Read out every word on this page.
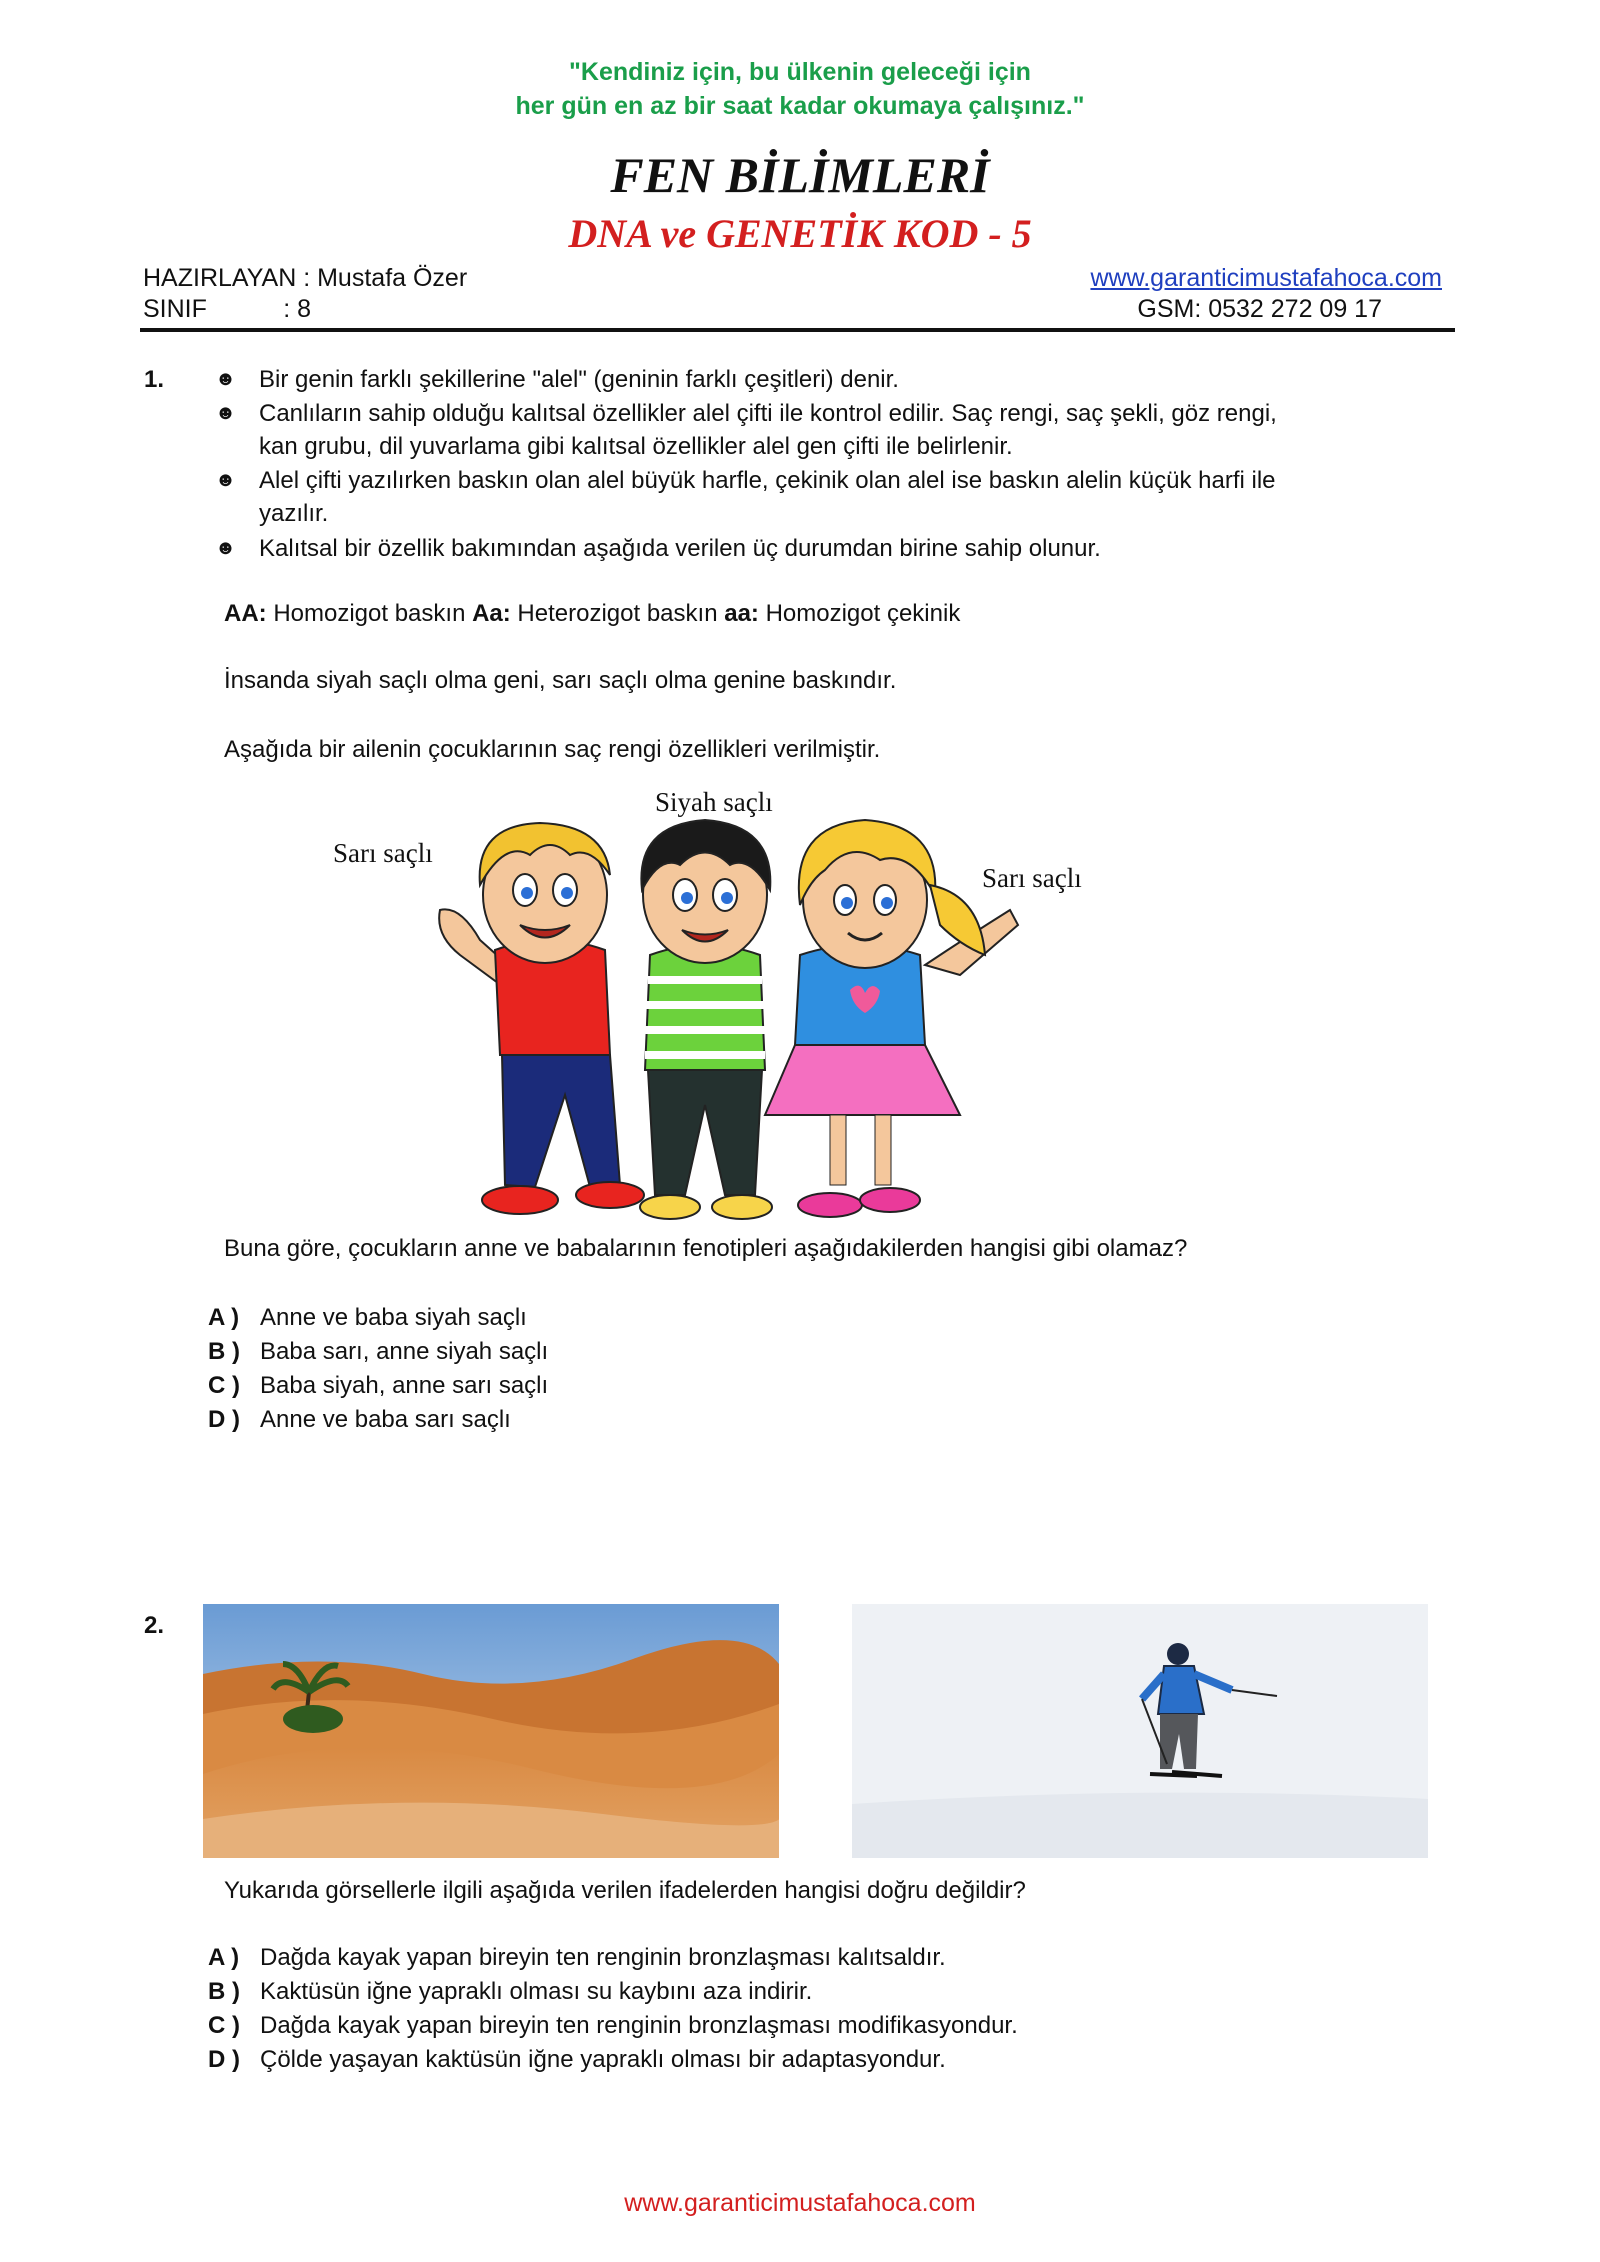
"Kendiniz için, bu ülkenin geleceği için
her gün en az bir saat kadar okumaya çalışınız."
FEN BİLİMLERİ
DNA ve GENETİK KOD - 5
HAZIRLAYAN : Mustafa Özer
SINIF           : 8
www.garanticimustafahoca.com
GSM: 0532 272 09 17
1.	☻ Bir genin farklı şekillerine "alel" (geninin farklı çeşitleri) denir.
☻ Canlıların sahip olduğu kalıtsal özellikler alel çifti ile kontrol edilir. Saç rengi, saç şekli, göz rengi,
kan grubu, dil yuvarlama gibi kalıtsal özellikler alel gen çifti ile belirlenir.
☻ Alel çifti yazılırken baskın olan alel büyük harfle, çekinik olan alel ise baskın alelin küçük harfi ile
yazılır.
☻ Kalıtsal bir özellik bakımından aşağıda verilen üç durumdan birine sahip olunur.
AA: Homozigot baskın Aa: Heterozigot baskın aa: Homozigot çekinik
İnsanda siyah saçlı olma geni, sarı saçlı olma genine baskındır.
Aşağıda bir ailenin çocuklarının saç rengi özellikleri verilmiştir.
Siyah saçlı
Sarı saçlı
Sarı saçlı
Buna göre, çocukların anne ve babalarının fenotipleri aşağıdakilerden hangisi gibi olamaz?
A ) Anne ve baba siyah saçlı
B ) Baba sarı, anne siyah saçlı
C ) Baba siyah, anne sarı saçlı
D ) Anne ve baba sarı saçlı
2.
Yukarıda görsellerle ilgili aşağıda verilen ifadelerden hangisi doğru değildir?
A ) Dağda kayak yapan bireyin ten renginin bronzlaşması kalıtsaldır.
B ) Kaktüsün iğne yapraklı olması su kaybını aza indirir.
C ) Dağda kayak yapan bireyin ten renginin bronzlaşması modifikasyondur.
D ) Çölde yaşayan kaktüsün iğne yapraklı olması bir adaptasyondur.
www.garanticimustafahoca.com
